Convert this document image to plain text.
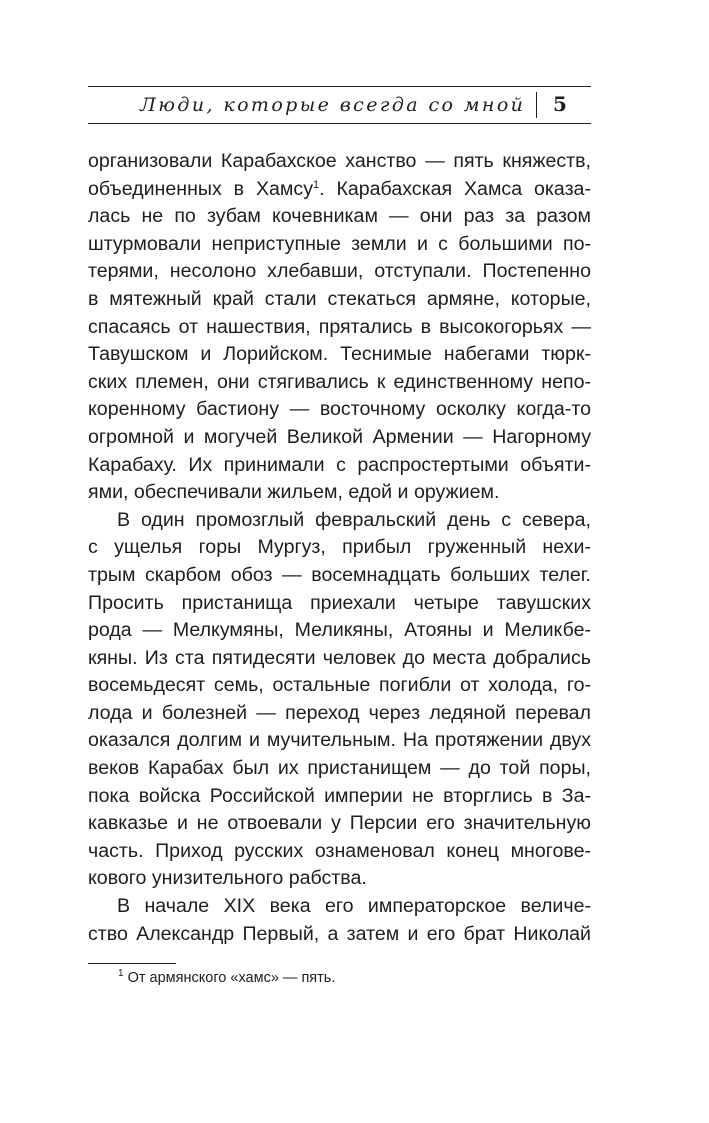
Люди, которые всегда со мной 5

организовали Карабахское ханство — пять княжеств,
объединенных в Хамсу$^1$. Карабахская Хамса оказа-
лась не по зубам кочевникам — они раз за разом
штурмовали неприступные земли и с большими по-
терями, несолоно хлебавши, отступали. Постепенно
в мятежный край стали стекаться армяне, которые,
спасаясь от нашествия, прятались в высокогорьях —
Тавушском и Лорийском. Теснимые набегами тюрк-
ских племен, они стягивались к единственному непо-
коренному бастиону — восточному осколку когда-то
огромной и могучей Великой Армении — Нагорному
Карабаху. Их принимали с распростертыми объяти-
ями, обеспечивали жильем, едой и оружием.

В один промозглый февральский день с севера,
с ущелья горы Мургуз, прибыл груженный нехи-
трым скарбом обоз — восемнадцать больших телег.
Просить пристанища приехали четыре тавушских
рода — Мелкумяны, Меликяны, Атояны и Меликбе-
кяны. Из ста пятидесяти человек до места добрались
восемьдесят семь, остальные погибли от холода, го-
лода и болезней — переход через ледяной перевал
оказался долгим и мучительным. На протяжении двух
веков Карабах был их пристанищем — до той поры,
пока войска Российской империи не вторглись в За-
кавказье и не отвоевали у Персии его значительную
часть. Приход русских ознаменовал конец многове-
кового унизительного рабства.

В начале XIX века его императорское величе-
ство Александр Первый, а затем и его брат Николай

$^1$ От армянского «хамс» — пять.
